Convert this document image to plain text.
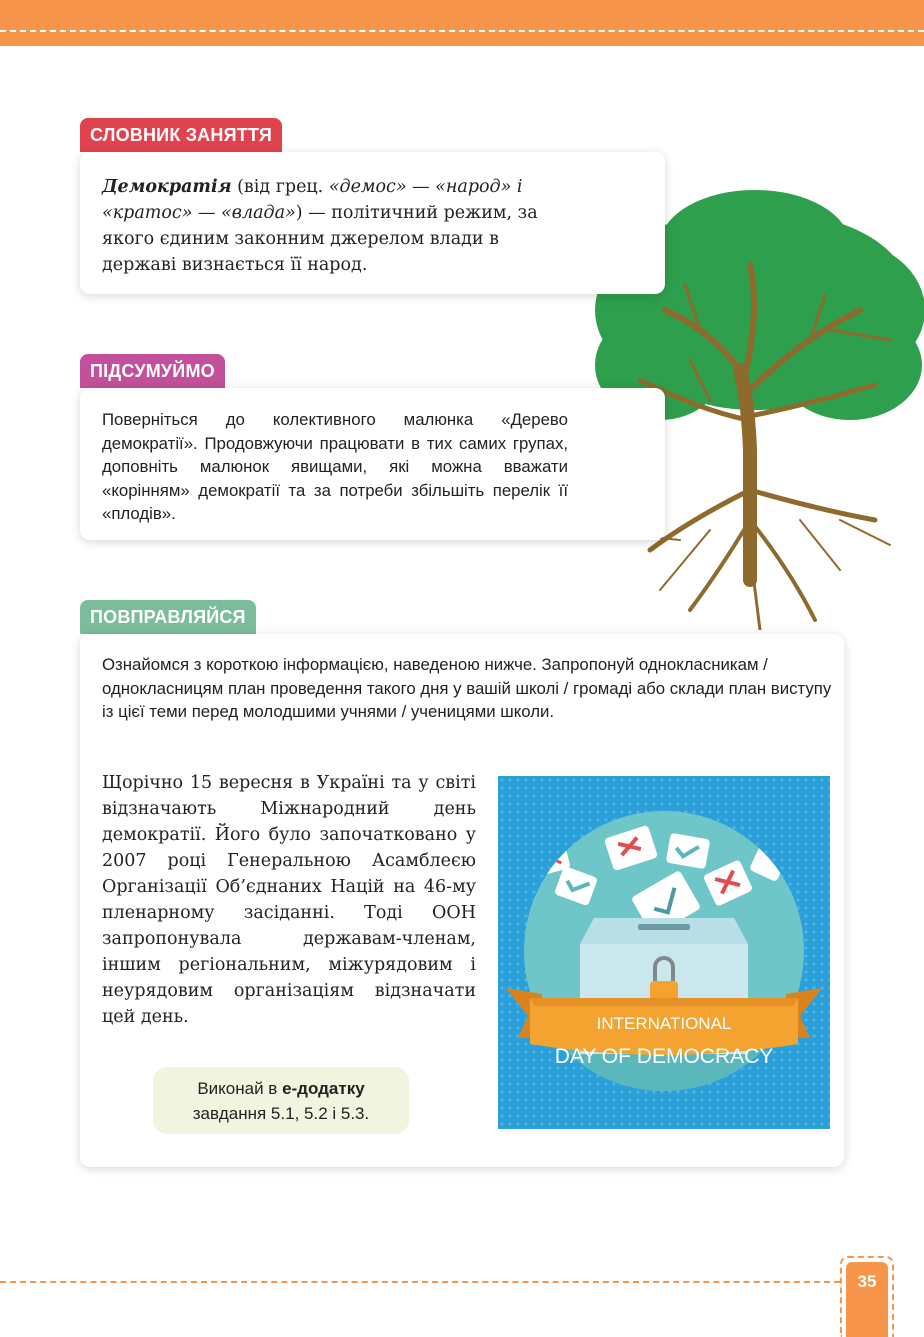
СЛОВНИК ЗАНЯТТЯ
Демократія (від грец. «демос» — «народ» і «кратос» — «влада») — політичний режим, за якого єдиним законним джерелом влади в державі визнається її народ.
ПІДСУМУЙМО
Поверніться до колективного малюнка «Дерево демократії». Продовжуючи працювати в тих самих групах, доповніть малюнок явищами, які можна вважати «корінням» демократії та за потреби збільшіть перелік її «плодів».
ПОВПРАВЛЯЙСЯ
Ознайомся з короткою інформацією, наведеною нижче. Запропонуй однокласникам / однокласницям план проведення такого дня у вашій школі / громаді або склади план виступу із цієї теми перед молодшими учнями / ученицями школи.
Щорічно 15 вересня в Україні та у світі відзначають Міжнародний день демократії. Його було започатковано у 2007 році Генеральною Асамблеєю Організації Об’єднаних Націй на 46-му пленарному засіданні. Тоді ООН запропонувала державам-членам, іншим регіональним, міжурядовим і неурядовим організаціям відзначати цей день.
Виконай в е-додатку
завдання 5.1, 5.2 і 5.3.
INTERNATIONAL
DAY OF DEMOCRACY
35
